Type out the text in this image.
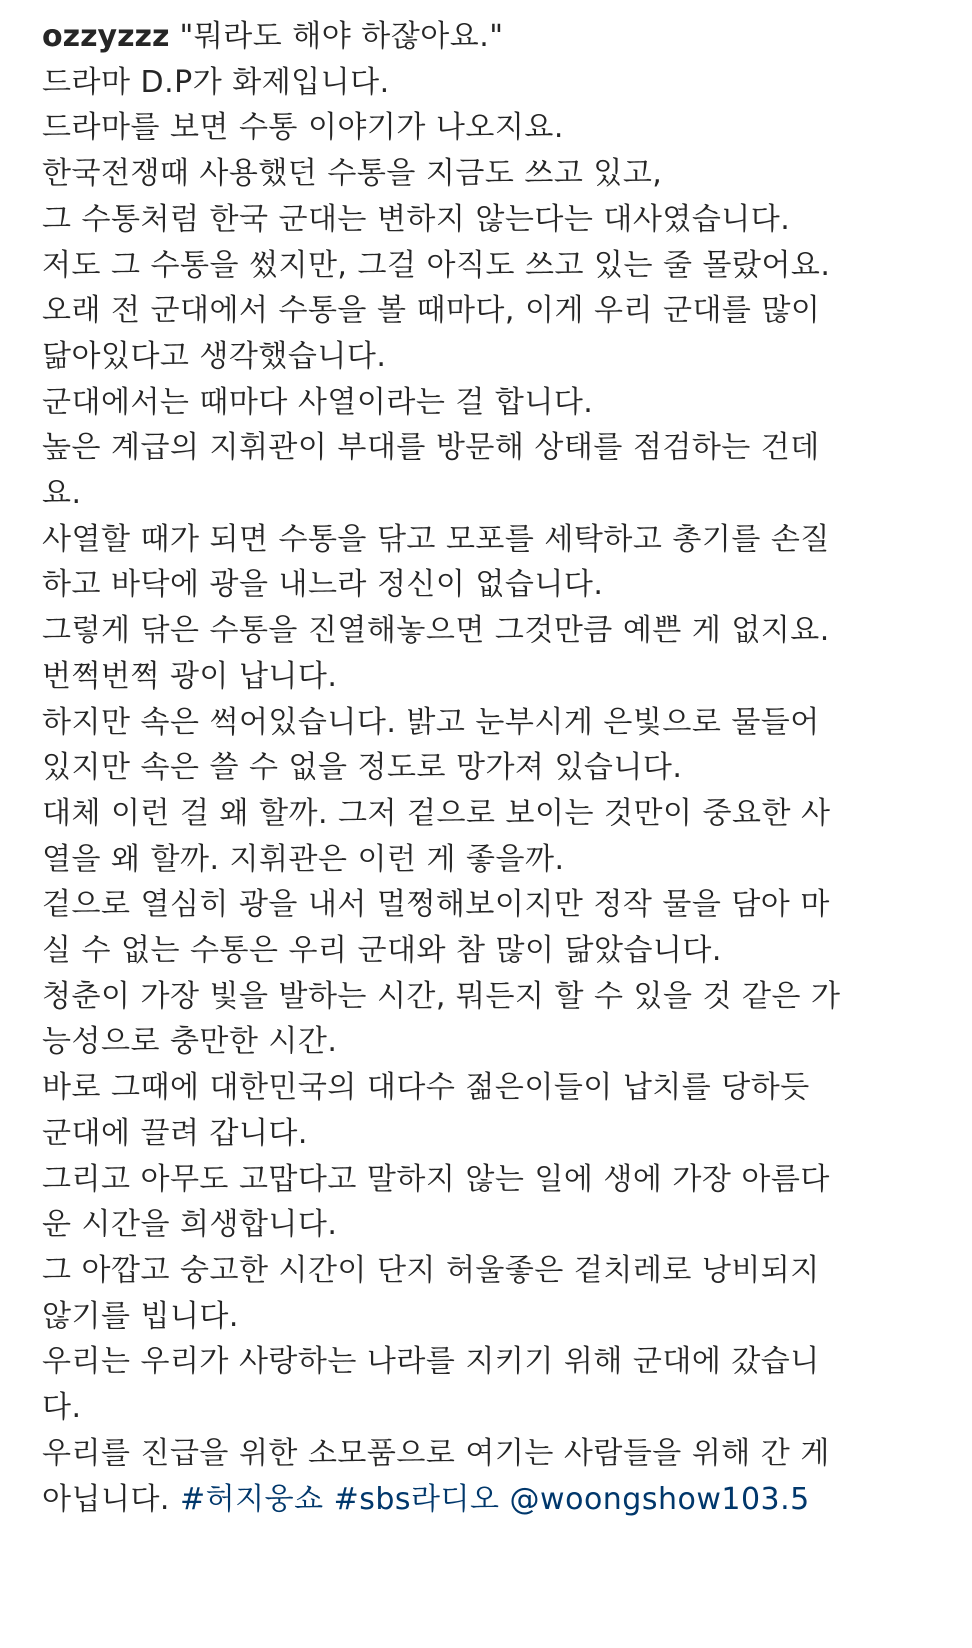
ozzyzzz "뭐라도 해야 하잖아요."
드라마 D.P가 화제입니다.
드라마를 보면 수통 이야기가 나오지요.
한국전쟁때 사용했던 수통을 지금도 쓰고 있고,
그 수통처럼 한국 군대는 변하지 않는다는 대사였습니다.
저도 그 수통을 썼지만, 그걸 아직도 쓰고 있는 줄 몰랐어요.
오래 전 군대에서 수통을 볼 때마다, 이게 우리 군대를 많이
닮아있다고 생각했습니다.
군대에서는 때마다 사열이라는 걸 합니다.
높은 계급의 지휘관이 부대를 방문해 상태를 점검하는 건데
요.
사열할 때가 되면 수통을 닦고 모포를 세탁하고 총기를 손질
하고 바닥에 광을 내느라 정신이 없습니다.
그렇게 닦은 수통을 진열해놓으면 그것만큼 예쁜 게 없지요.
번쩍번쩍 광이 납니다.
하지만 속은 썩어있습니다. 밝고 눈부시게 은빛으로 물들어
있지만 속은 쓸 수 없을 정도로 망가져 있습니다.
대체 이런 걸 왜 할까. 그저 겉으로 보이는 것만이 중요한 사
열을 왜 할까. 지휘관은 이런 게 좋을까.
겉으로 열심히 광을 내서 멀쩡해보이지만 정작 물을 담아 마
실 수 없는 수통은 우리 군대와 참 많이 닮았습니다.
청춘이 가장 빛을 발하는 시간, 뭐든지 할 수 있을 것 같은 가
능성으로 충만한 시간.
바로 그때에 대한민국의 대다수 젊은이들이 납치를 당하듯
군대에 끌려 갑니다.
그리고 아무도 고맙다고 말하지 않는 일에 생에 가장 아름다
운 시간을 희생합니다.
그 아깝고 숭고한 시간이 단지 허울좋은 겉치레로 낭비되지
않기를 빕니다.
우리는 우리가 사랑하는 나라를 지키기 위해 군대에 갔습니
다.
우리를 진급을 위한 소모품으로 여기는 사람들을 위해 간 게
아닙니다. #허지웅쇼 #sbs라디오 @woongshow103.5
